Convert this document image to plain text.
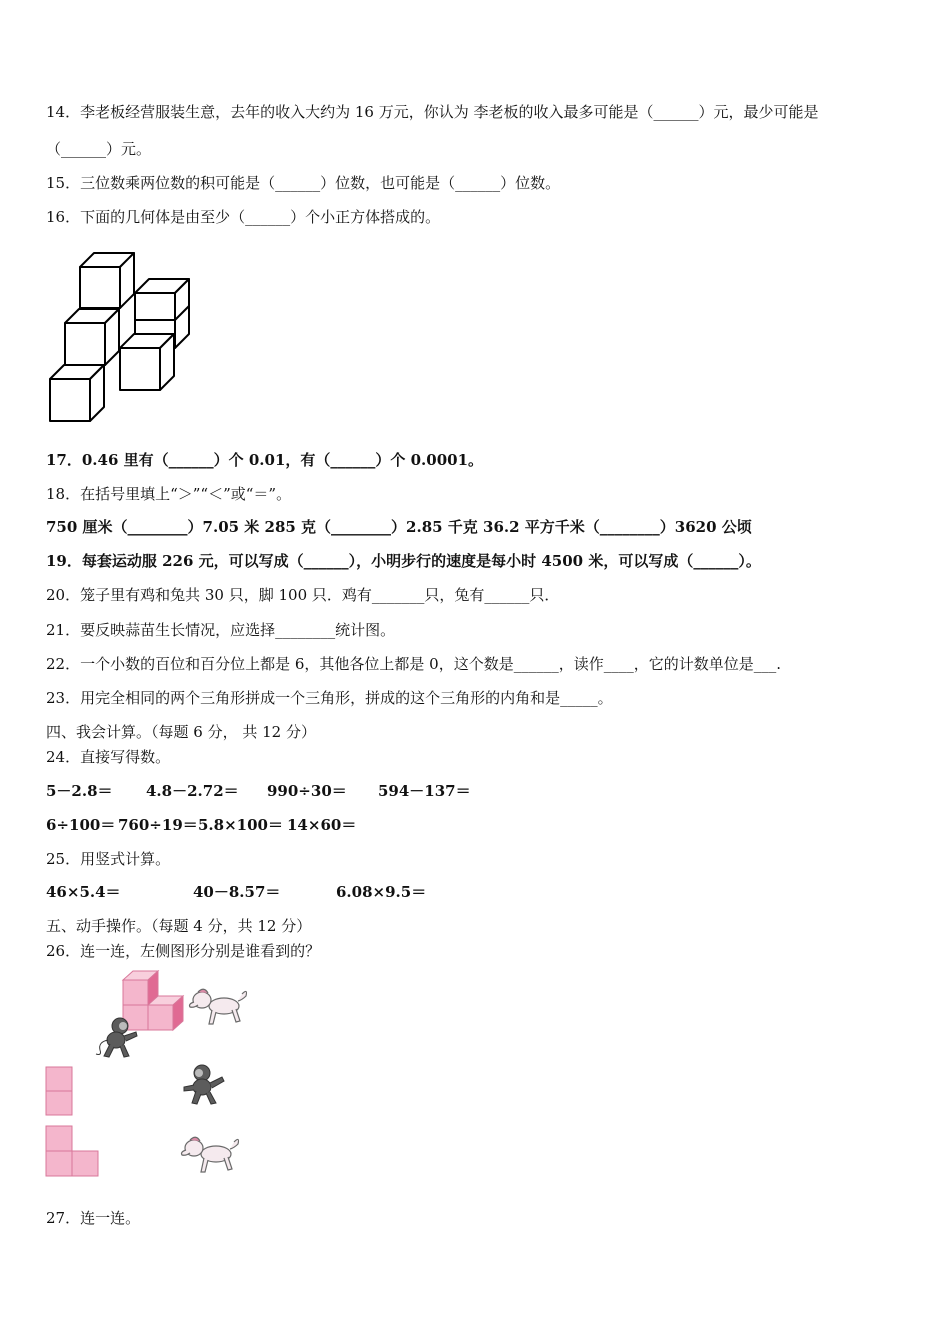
14．李老板经营服装生意，去年的收入大约为 16 万元，你认为 李老板的收入最多可能是（______）元，最少可能是
（______）元。
15．三位数乘两位数的积可能是（______）位数，也可能是（______）位数。
16．下面的几何体是由至少（______）个小正方体搭成的。
17．0.46 里有（______）个 0.01，有（______）个 0.0001。
18．在括号里填上“＞”“＜”或“＝”。
750 厘米（________）7.05 米 285 克（________）2.85 千克 36.2 平方千米（________）3620 公顷
19．每套运动服 226 元，可以写成（______），小明步行的速度是每小时 4500 米，可以写成（______）。
20．笼子里有鸡和兔共 30 只，脚 100 只．鸡有_______只，兔有______只．
21．要反映蒜苗生长情况，应选择________统计图。
22．一个小数的百位和百分位上都是 6，其他各位上都是 0，这个数是______，读作____，它的计数单位是___.
23．用完全相同的两个三角形拼成一个三角形，拼成的这个三角形的内角和是_____。
四、我会计算。（每题 6 分， 共 12 分）
24．直接写得数。
5－2.8＝ 4.8－2.72＝ 990÷30＝ 594－137＝
6÷100＝ 760÷19＝ 5.8×100＝ 14×60＝
25．用竖式计算。
46×5.4＝	40－8.57＝	6.08×9.5＝
五、动手操作。（每题 4 分，共 12 分）
26．连一连，左侧图形分别是谁看到的？
27．连一连。
